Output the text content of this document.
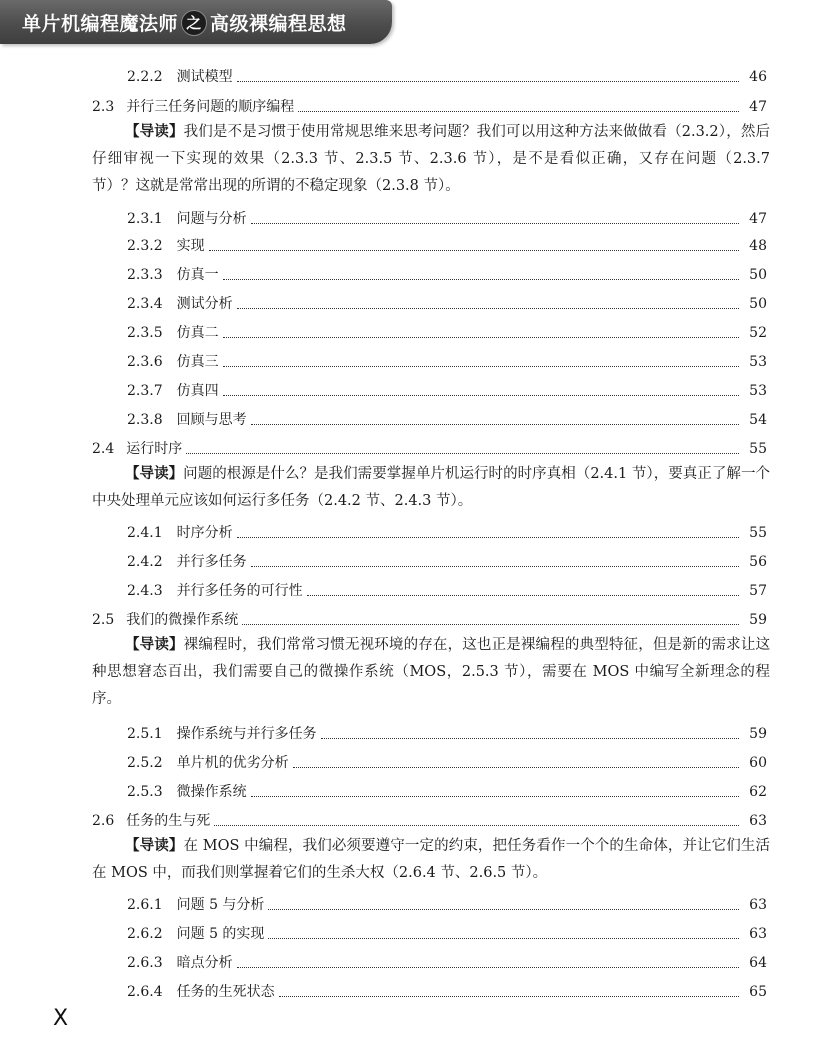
单片机编程魔法师 之 高级裸编程思想
2.2.2 测试模型	46
2.3 并行三任务问题的顺序编程	47
【导读】我们是不是习惯于使用常规思维来思考问题？我们可以用这种方法来做做看（2.3.2），然后仔细审视一下实现的效果（2.3.3 节、2.3.5 节、2.3.6 节），是不是看似正确，又存在问题（2.3.7 节）？这就是常常出现的所谓的不稳定现象（2.3.8 节）。
2.3.1 问题与分析	47
2.3.2 实现	48
2.3.3 仿真一	50
2.3.4 测试分析	50
2.3.5 仿真二	52
2.3.6 仿真三	53
2.3.7 仿真四	53
2.3.8 回顾与思考	54
2.4 运行时序	55
【导读】问题的根源是什么？是我们需要掌握单片机运行时的时序真相（2.4.1 节），要真正了解一个中央处理单元应该如何运行多任务（2.4.2 节、2.4.3 节）。
2.4.1 时序分析	55
2.4.2 并行多任务	56
2.4.3 并行多任务的可行性	57
2.5 我们的微操作系统	59
【导读】裸编程时，我们常常习惯无视环境的存在，这也正是裸编程的典型特征，但是新的需求让这种思想窘态百出，我们需要自己的微操作系统（MOS，2.5.3 节），需要在 MOS 中编写全新理念的程序。
2.5.1 操作系统与并行多任务	59
2.5.2 单片机的优劣分析	60
2.5.3 微操作系统	62
2.6 任务的生与死	63
【导读】在 MOS 中编程，我们必须要遵守一定的约束，把任务看作一个个的生命体，并让它们生活在 MOS 中，而我们则掌握着它们的生杀大权（2.6.4 节、2.6.5 节）。
2.6.1 问题 5 与分析	63
2.6.2 问题 5 的实现	63
2.6.3 暗点分析	64
2.6.4 任务的生死状态	65
X
